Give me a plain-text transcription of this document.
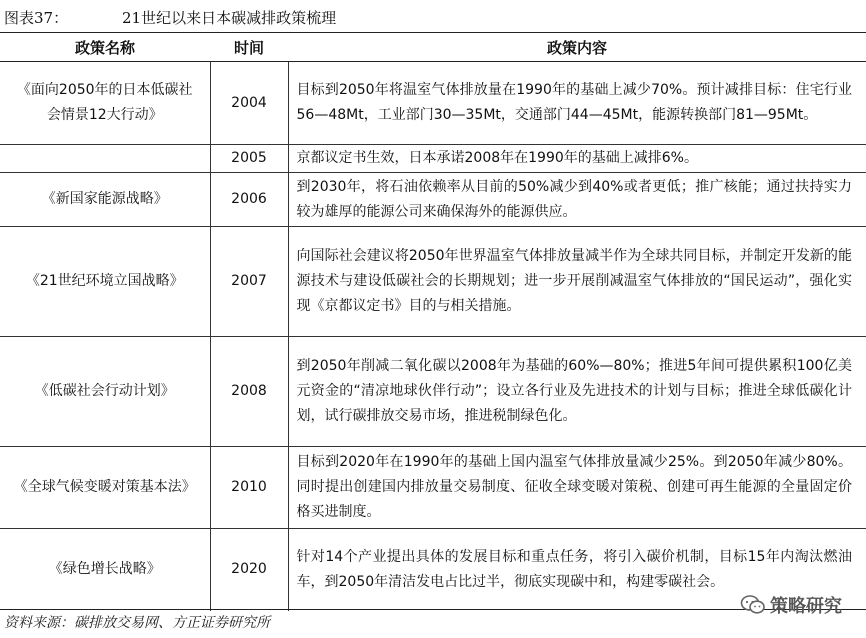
图表37：	21世纪以来日本碳减排政策梳理
政策名称	时间	政策内容
《面向2050年的日本低碳社会情景12大行动》	2004	目标到2050年将温室气体排放量在1990年的基础上减少70%。预计减排目标：住宅行业56—48Mt，工业部门30—35Mt，交通部门44—45Mt，能源转换部门81—95Mt。
	2005	京都议定书生效，日本承诺2008年在1990年的基础上减排6%。
《新国家能源战略》	2006	到2030年，将石油依赖率从目前的50%减少到40%或者更低；推广核能；通过扶持实力较为雄厚的能源公司来确保海外的能源供应。
《21世纪环境立国战略》	2007	向国际社会建议将2050年世界温室气体排放量减半作为全球共同目标，并制定开发新的能源技术与建设低碳社会的长期规划；进一步开展削减温室气体排放的“国民运动”，强化实现《京都议定书》目的与相关措施。
《低碳社会行动计划》	2008	到2050年削减二氧化碳以2008年为基础的60%—80%；推进5年间可提供累积100亿美元资金的“清凉地球伙伴行动”；设立各行业及先进技术的计划与目标；推进全球低碳化计划，试行碳排放交易市场，推进税制绿色化。
《全球气候变暖对策基本法》	2010	目标到2020年在1990年的基础上国内温室气体排放量减少25%。到2050年减少80%。同时提出创建国内排放量交易制度、征收全球变暖对策税、创建可再生能源的全量固定价格买进制度。
《绿色增长战略》	2020	针对14个产业提出具体的发展目标和重点任务，将引入碳价机制，目标15年内淘汰燃油车，到2050年清洁发电占比过半，彻底实现碳中和，构建零碳社会。
资料来源：碳排放交易网、方正证券研究所
策略研究
